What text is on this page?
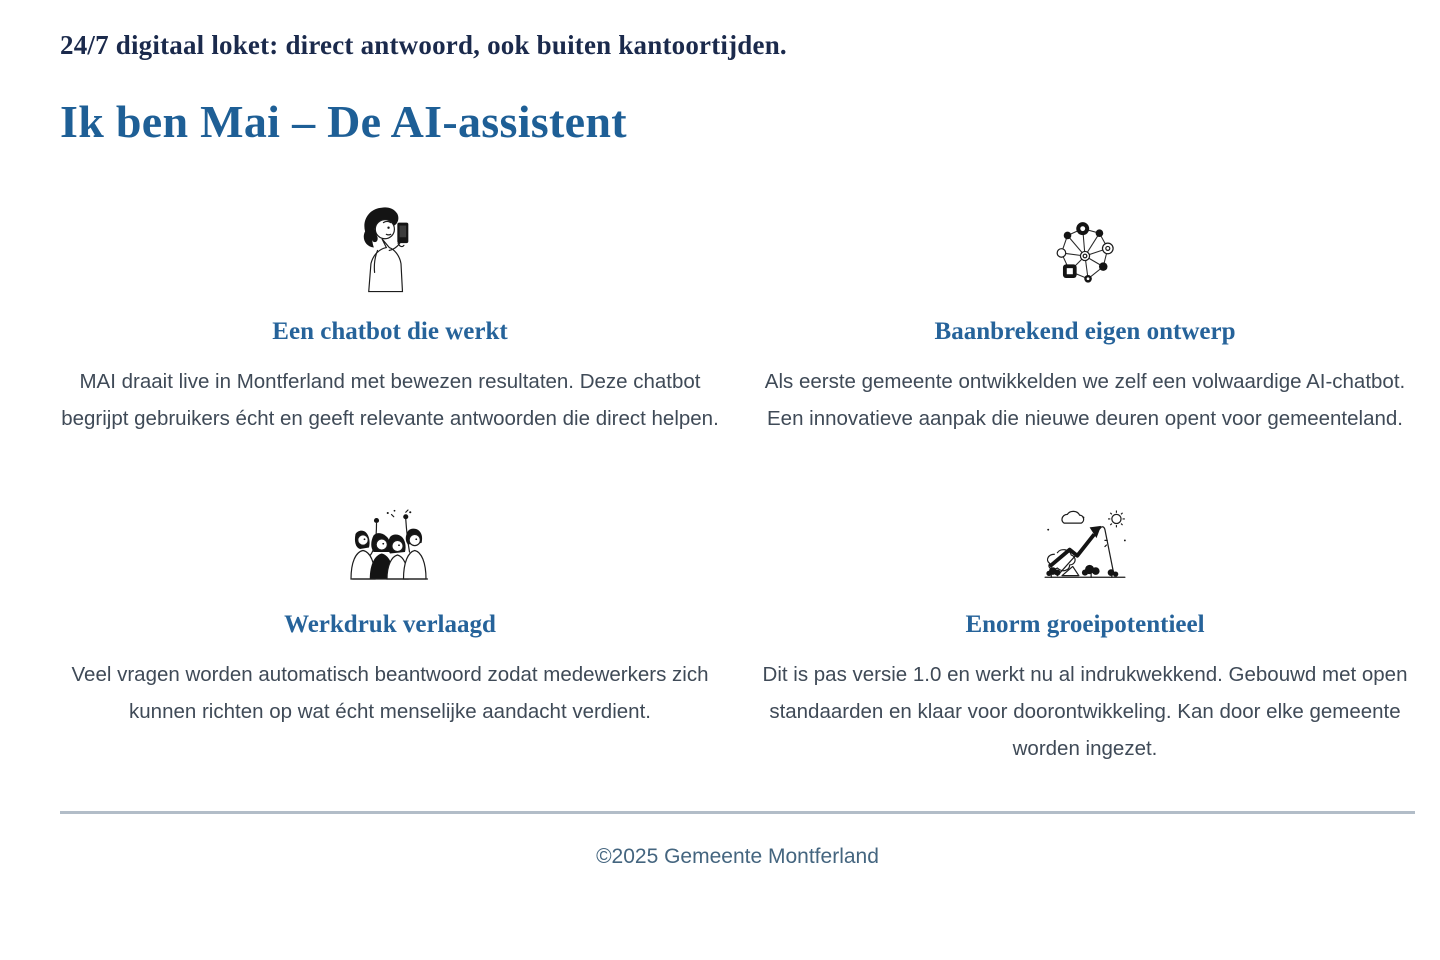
24/7 digitaal loket: direct antwoord, ook buiten kantoortijden.
Ik ben Mai – De AI-assistent
Een chatbot die werkt

MAI draait live in Montferland met bewezen resultaten. Deze chatbot begrijpt gebruikers écht en geeft relevante antwoorden die direct helpen.

Baanbrekend eigen ontwerp

Als eerste gemeente ontwikkelden we zelf een volwaardige AI-chatbot. Een innovatieve aanpak die nieuwe deuren opent voor gemeenteland.

Werkdruk verlaagd

Veel vragen worden automatisch beantwoord zodat medewerkers zich kunnen richten op wat écht menselijke aandacht verdient.

Enorm groeipotentieel

Dit is pas versie 1.0 en werkt nu al indrukwekkend. Gebouwd met open standaarden en klaar voor doorontwikkeling. Kan door elke gemeente worden ingezet.

©2025 Gemeente Montferland
